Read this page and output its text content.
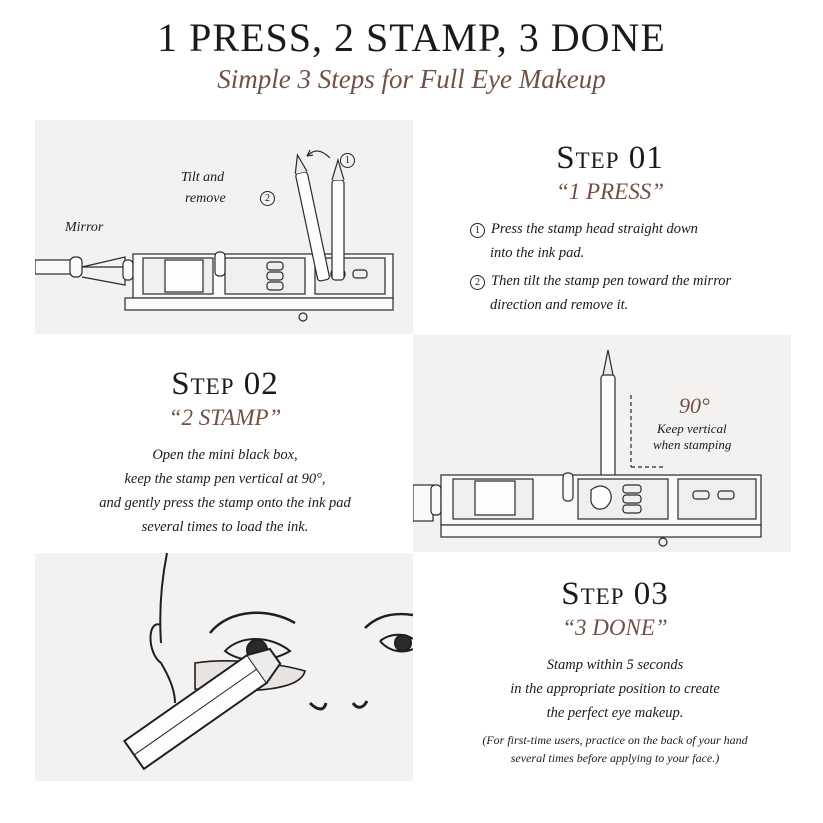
1 PRESS, 2 STAMP, 3 DONE
Simple 3 Steps for Full Eye Makeup
Tilt and
remove
Mirror
1
2
Step 01
“1 PRESS”
1 Press the stamp head straight down
into the ink pad.
2 Then tilt the stamp pen toward the mirror
direction and remove it.
Step 02
“2 STAMP”
Open the mini black box,
keep the stamp pen vertical at 90°,
and gently press the stamp onto the ink pad
several times to load the ink.
90°
Keep vertical
when stamping
Step 03
“3 DONE”
Stamp within 5 seconds
in the appropriate position to create
the perfect eye makeup.
(For first-time users, practice on the back of your hand
several times before applying to your face.)
